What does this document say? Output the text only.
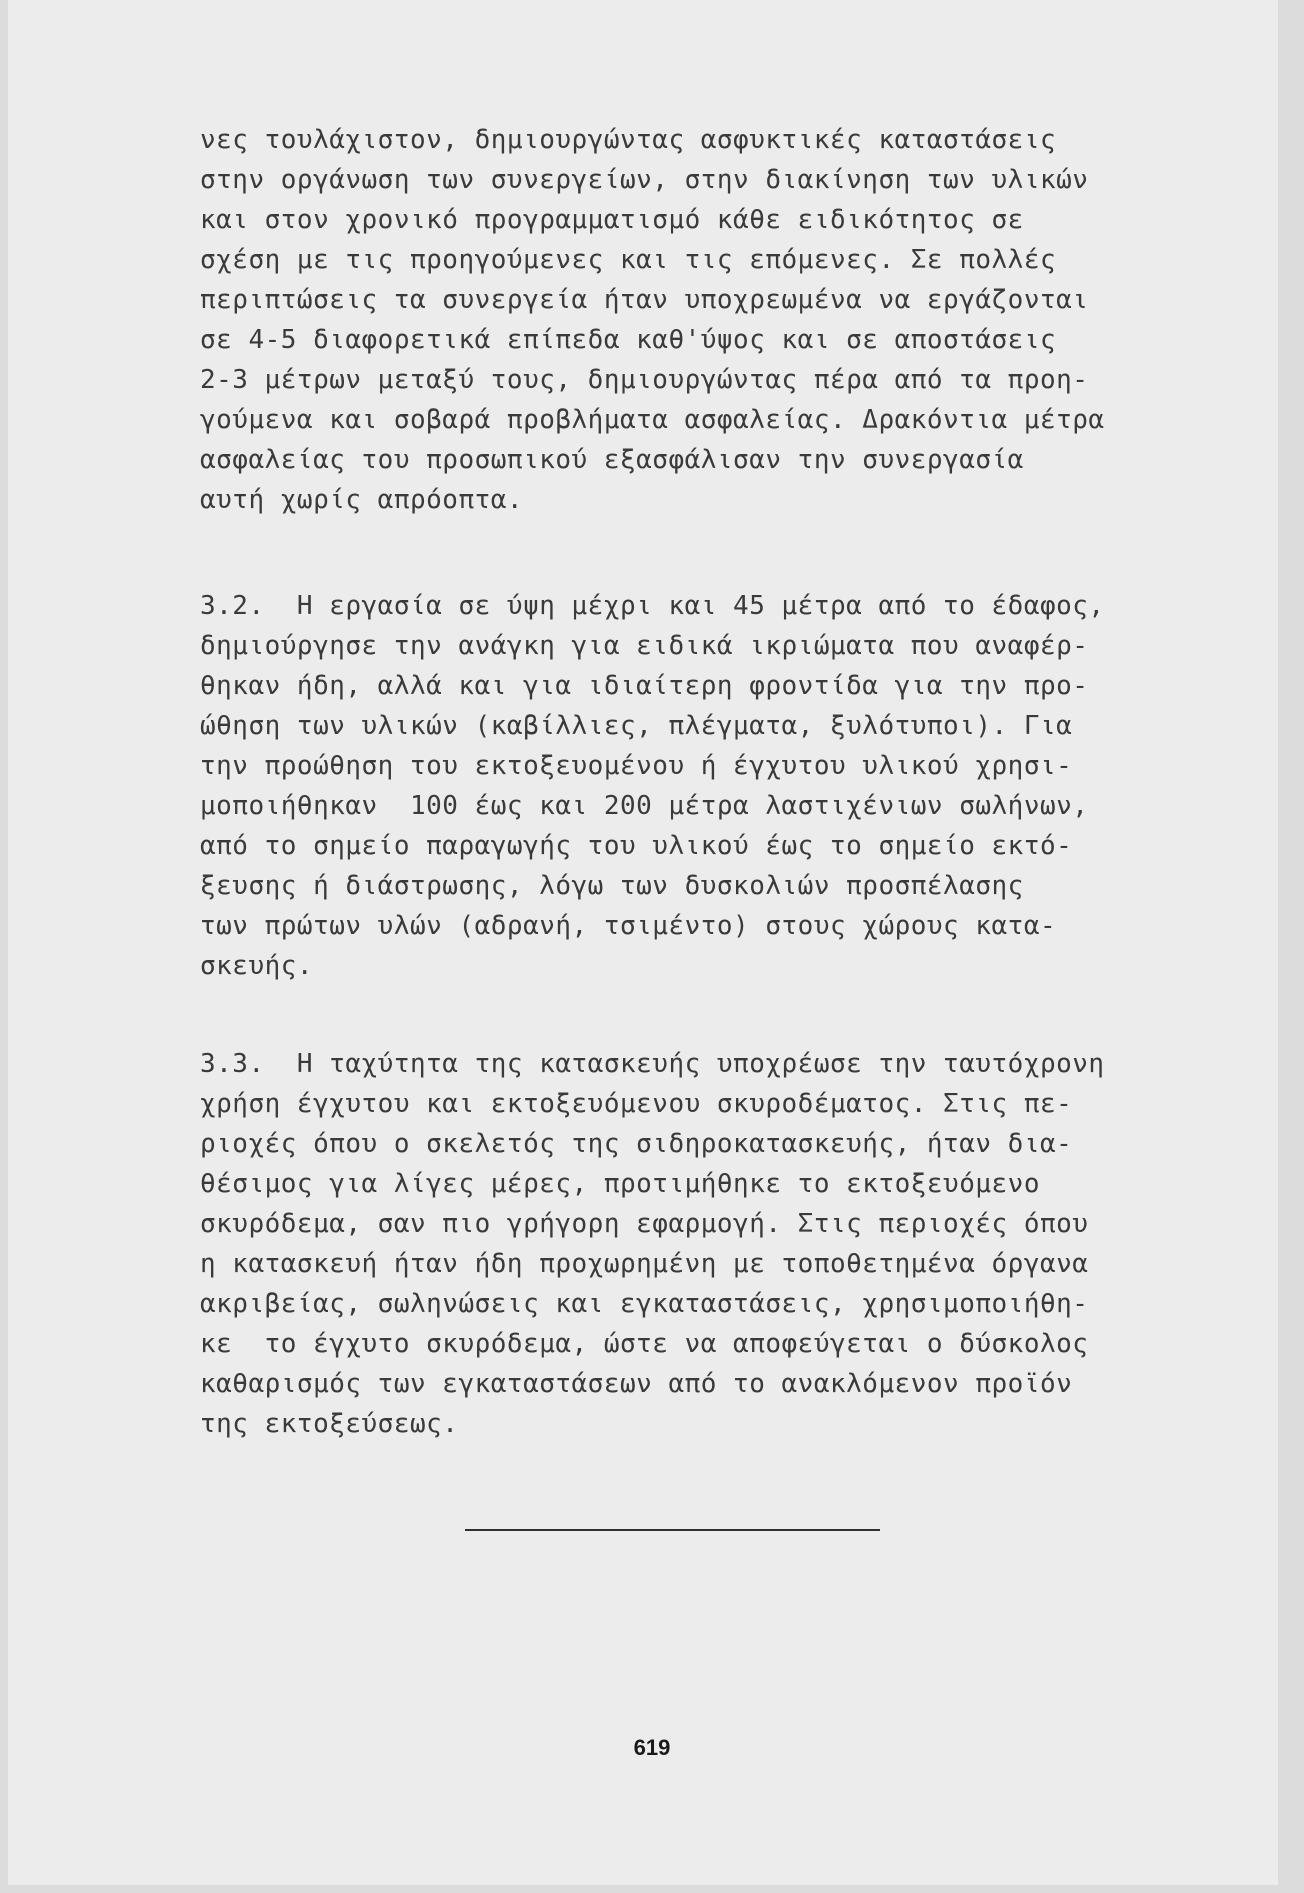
νες τουλάχιστον, δημιουργώντας ασφυκτικές καταστάσεις
στην οργάνωση των συνεργείων, στην διακίνηση των υλικών
και στον χρονικό προγραμματισμό κάθε ειδικότητος σε
σχέση με τις προηγούμενες και τις επόμενες. Σε πολλές
περιπτώσεις τα συνεργεία ήταν υποχρεωμένα να εργάζονται
σε 4-5 διαφορετικά επίπεδα καθ'ύψος και σε αποστάσεις
2-3 μέτρων μεταξύ τους, δημιουργώντας πέρα από τα προη-
γούμενα και σοβαρά προβλήματα ασφαλείας. Δρακόντια μέτρα
ασφαλείας του προσωπικού εξασφάλισαν την συνεργασία
αυτή χωρίς απρόοπτα.
3.2.  Η εργασία σε ύψη μέχρι και 45 μέτρα από το έδαφος,
δημιούργησε την ανάγκη για ειδικά ικριώματα που αναφέρ-
θηκαν ήδη, αλλά και για ιδιαίτερη φροντίδα για την προ-
ώθηση των υλικών (καβίλλιες, πλέγματα, ξυλότυποι). Για
την προώθηση του εκτοξευομένου ή έγχυτου υλικού χρησι-
μοποιήθηκαν  100 έως και 200 μέτρα λαστιχένιων σωλήνων,
από το σημείο παραγωγής του υλικού έως το σημείο εκτό-
ξευσης ή διάστρωσης, λόγω των δυσκολιών προσπέλασης
των πρώτων υλών (αδρανή, τσιμέντο) στους χώρους κατα-
σκευής.
3.3.  Η ταχύτητα της κατασκευής υποχρέωσε την ταυτόχρονη
χρήση έγχυτου και εκτοξευόμενου σκυροδέματος. Στις πε-
ριοχές όπου ο σκελετός της σιδηροκατασκευής, ήταν δια-
θέσιμος για λίγες μέρες, προτιμήθηκε το εκτοξευόμενο
σκυρόδεμα, σαν πιο γρήγορη εφαρμογή. Στις περιοχές όπου
η κατασκευή ήταν ήδη προχωρημένη με τοποθετημένα όργανα
ακριβείας, σωληνώσεις και εγκαταστάσεις, χρησιμοποιήθη-
κε  το έγχυτο σκυρόδεμα, ώστε να αποφεύγεται ο δύσκολος
καθαρισμός των εγκαταστάσεων από το ανακλόμενον προϊόν
της εκτοξεύσεως.
619
